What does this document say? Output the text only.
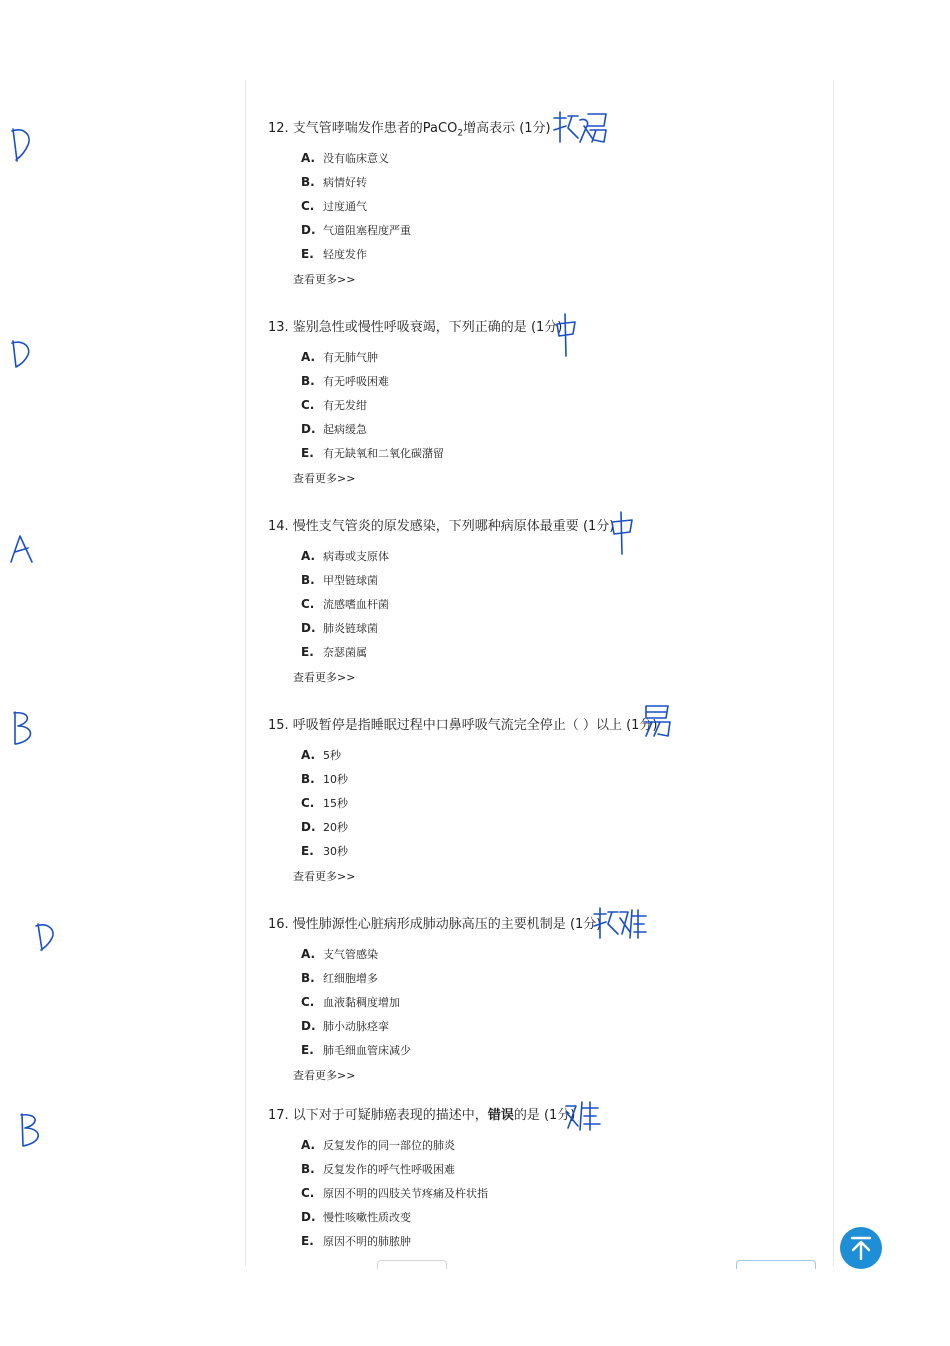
12. 支气管哮喘发作患者的PaCO$_2$增高表示 (1分)
A. 没有临床意义
B. 病情好转
C. 过度通气
D. 气道阻塞程度严重
E. 轻度发作
查看更多>>
13. 鉴别急性或慢性呼吸衰竭，下列正确的是 (1分)
A. 有无肺气肿
B. 有无呼吸困难
C. 有无发绀
D. 起病缓急
E. 有无缺氧和二氧化碳潴留
查看更多>>
14. 慢性支气管炎的原发感染，下列哪种病原体最重要 (1分)
A. 病毒或支原体
B. 甲型链球菌
C. 流感嗜血杆菌
D. 肺炎链球菌
E. 奈瑟菌属
查看更多>>
15. 呼吸暂停是指睡眠过程中口鼻呼吸气流完全停止（ ）以上 (1分)
A. 5秒
B. 10秒
C. 15秒
D. 20秒
E. 30秒
查看更多>>
16. 慢性肺源性心脏病形成肺动脉高压的主要机制是 (1分)
A. 支气管感染
B. 红细胞增多
C. 血液黏稠度增加
D. 肺小动脉痉挛
E. 肺毛细血管床减少
查看更多>>
17. 以下对于可疑肺癌表现的描述中，错误的是 (1分)
A. 反复发作的同一部位的肺炎
B. 反复发作的呼气性呼吸困难
C. 原因不明的四肢关节疼痛及杵状指
D. 慢性咳嗽性质改变
E. 原因不明的肺脓肿
